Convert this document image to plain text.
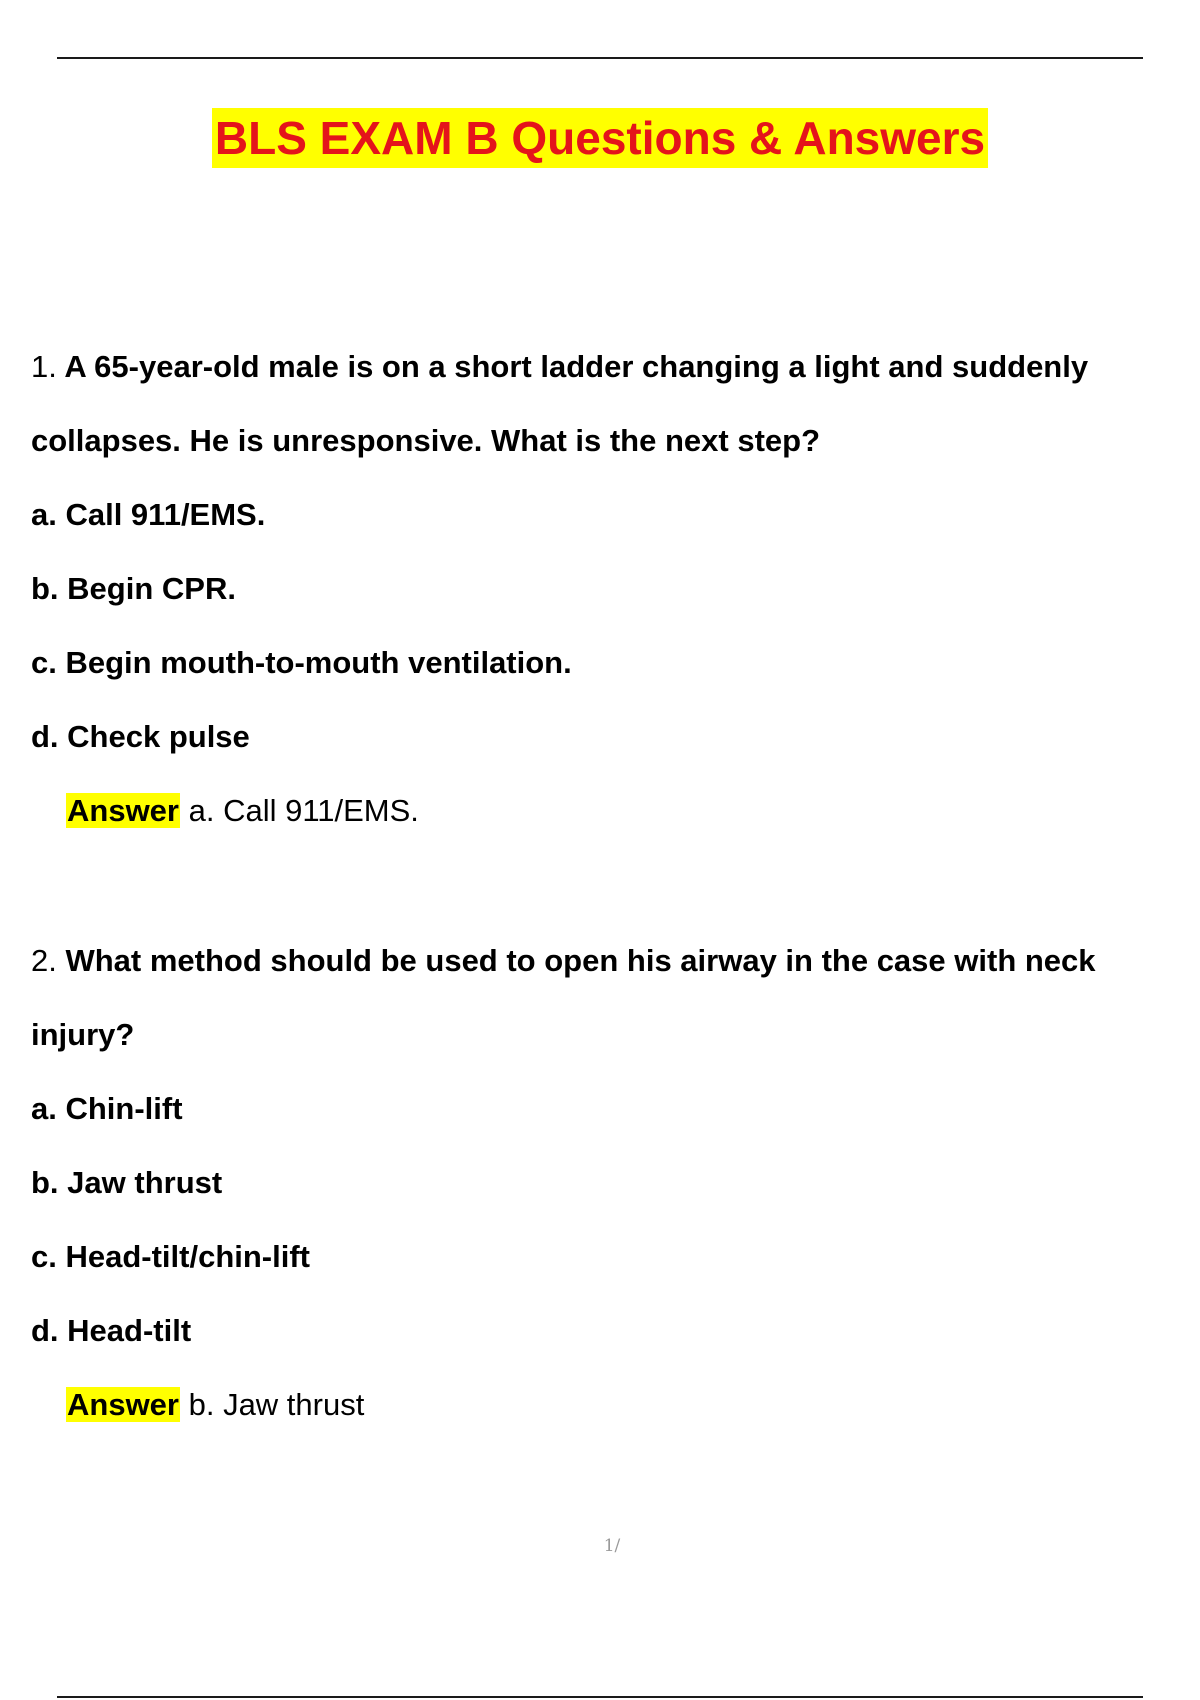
BLS EXAM B Questions & Answers
1. A 65-year-old male is on a short ladder changing a light and suddenly
collapses. He is unresponsive. What is the next step?
a. Call 911/EMS.
b. Begin CPR.
c. Begin mouth-to-mouth ventilation.
d. Check pulse
Answer a. Call 911/EMS.
2. What method should be used to open his airway in the case with neck
injury?
a. Chin-lift
b. Jaw thrust
c. Head-tilt/chin-lift
d. Head-tilt
Answer b. Jaw thrust
1/
